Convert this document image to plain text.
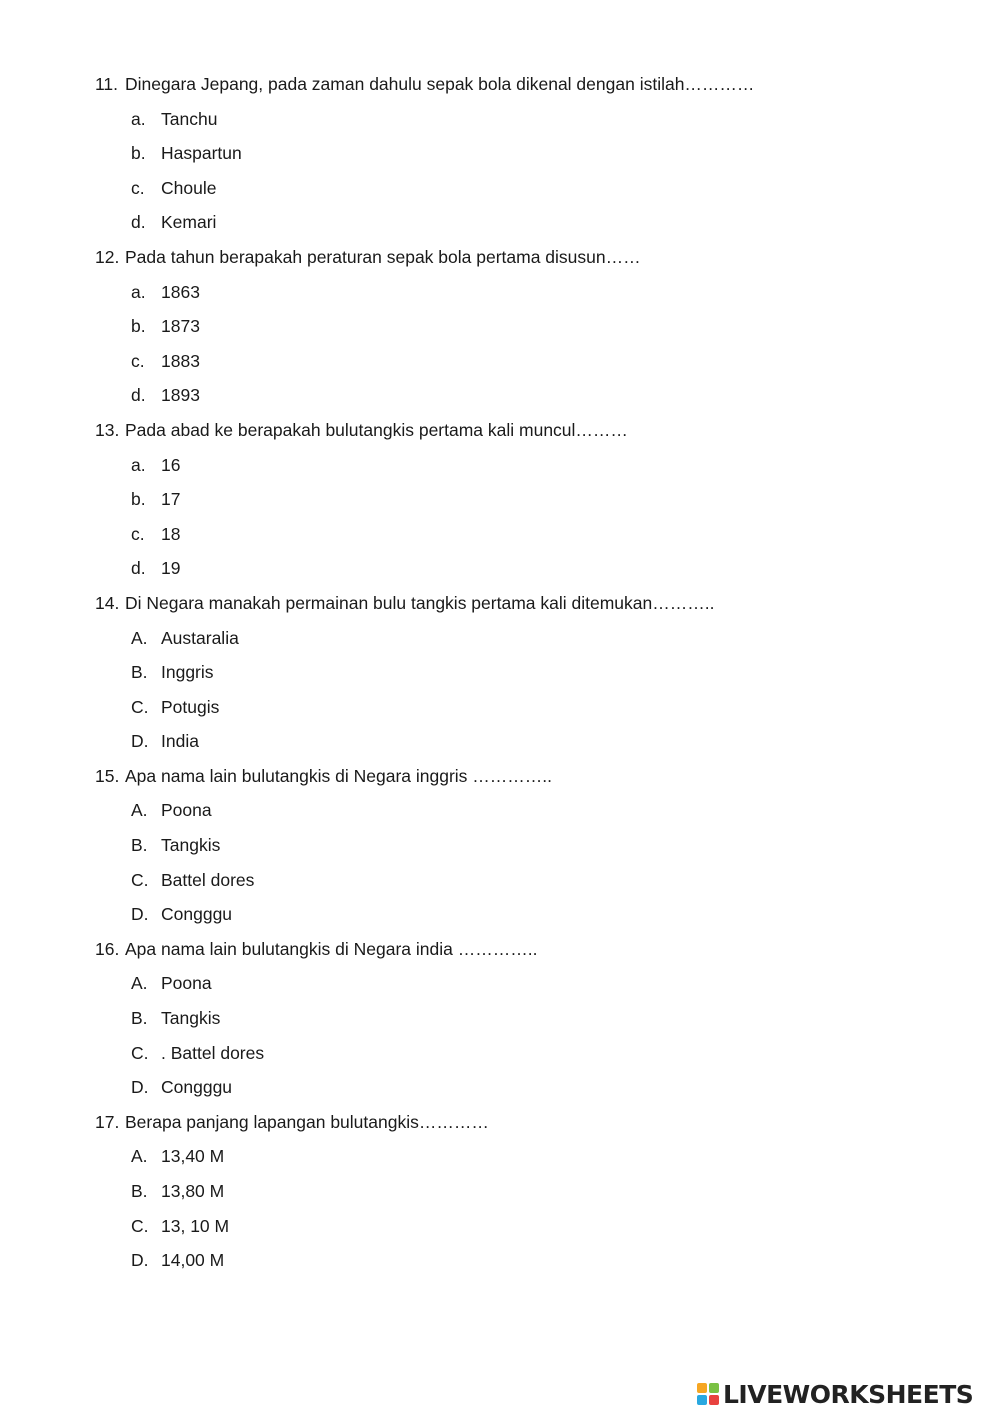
11. Dinegara Jepang, pada zaman dahulu sepak bola dikenal dengan istilah…………
a. Tanchu
b. Haspartun
c. Choule
d. Kemari
12. Pada tahun berapakah peraturan sepak bola pertama disusun……
a. 1863
b. 1873
c. 1883
d. 1893
13. Pada abad ke berapakah bulutangkis pertama kali muncul………
a. 16
b. 17
c. 18
d. 19
14. Di Negara manakah permainan bulu tangkis pertama kali ditemukan………..
A. Austaralia
B. Inggris
C. Potugis
D. India
15. Apa nama lain bulutangkis di Negara inggris …………..
A. Poona
B. Tangkis
C. Battel dores
D. Congggu
16. Apa nama lain bulutangkis di Negara india …………..
A. Poona
B. Tangkis
C. . Battel dores
D. Congggu
17. Berapa panjang lapangan bulutangkis…………
A. 13,40 M
B. 13,80 M
C. 13, 10 M
D. 14,00 M
LIVEWORKSHEETS
